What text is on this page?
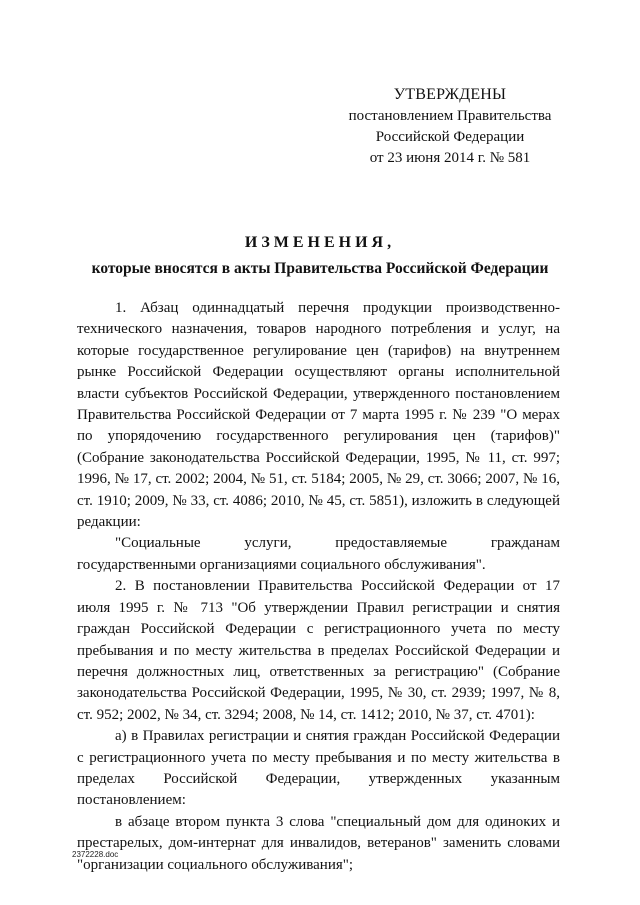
УТВЕРЖДЕНЫ
постановлением Правительства
Российской Федерации
от 23 июня 2014 г. № 581
ИЗМЕНЕНИЯ,
которые вносятся в акты Правительства Российской Федерации

1. Абзац одиннадцатый перечня продукции производственно-технического назначения, товаров народного потребления и услуг, на которые государственное регулирование цен (тарифов) на внутреннем рынке Российской Федерации осуществляют органы исполнительной власти субъектов Российской Федерации, утвержденного постановлением Правительства Российской Федерации от 7 марта 1995 г. № 239 "О мерах по упорядочению государственного регулирования цен (тарифов)" (Собрание законодательства Российской Федерации, 1995, № 11, ст. 997; 1996, № 17, ст. 2002; 2004, № 51, ст. 5184; 2005, № 29, ст. 3066; 2007, № 16, ст. 1910; 2009, № 33, ст. 4086; 2010, № 45, ст. 5851), изложить в следующей редакции:

"Социальные услуги, предоставляемые гражданам государственными организациями социального обслуживания".

2. В постановлении Правительства Российской Федерации от 17 июля 1995 г. № 713 "Об утверждении Правил регистрации и снятия граждан Российской Федерации с регистрационного учета по месту пребывания и по месту жительства в пределах Российской Федерации и перечня должностных лиц, ответственных за регистрацию" (Собрание законодательства Российской Федерации, 1995, № 30, ст. 2939; 1997, № 8, ст. 952; 2002, № 34, ст. 3294; 2008, № 14, ст. 1412; 2010, № 37, ст. 4701):

а) в Правилах регистрации и снятия граждан Российской Федерации с регистрационного учета по месту пребывания и по месту жительства в пределах Российской Федерации, утвержденных указанным постановлением:

в абзаце втором пункта 3 слова "специальный дом для одиноких и престарелых, дом-интернат для инвалидов, ветеранов" заменить словами "организации социального обслуживания";

2372228.doc
